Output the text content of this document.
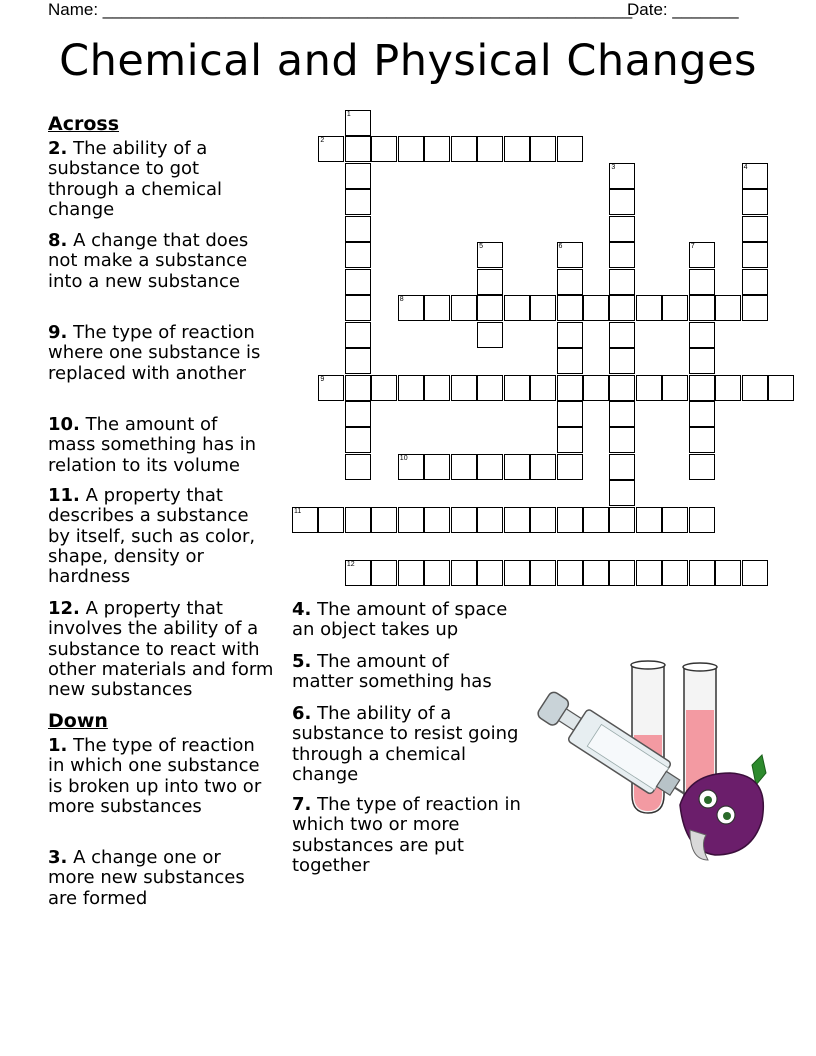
Name: ________________________________________________________
Date: _______
Chemical and Physical Changes
Across
2. The ability of a substance to got through a chemical change
8. A change that does not make a substance into a new substance
9. The type of reaction where one substance is replaced with another
10. The amount of mass something has in relation to its volume
11. A property that describes a substance by itself, such as color, shape, density or hardness
12. A property that involves the ability of a substance to react with other materials and form new substances
Down
1. The type of reaction in which one substance is broken up into two or more substances
3. A change one or more new substances are formed
4. The amount of space an object takes up
5. The amount of matter something has
6. The ability of a substance to resist going through a chemical change
7. The type of reaction in which two or more substances are put together
1
3	4
5	6	7
2
8
9
10
11
12
